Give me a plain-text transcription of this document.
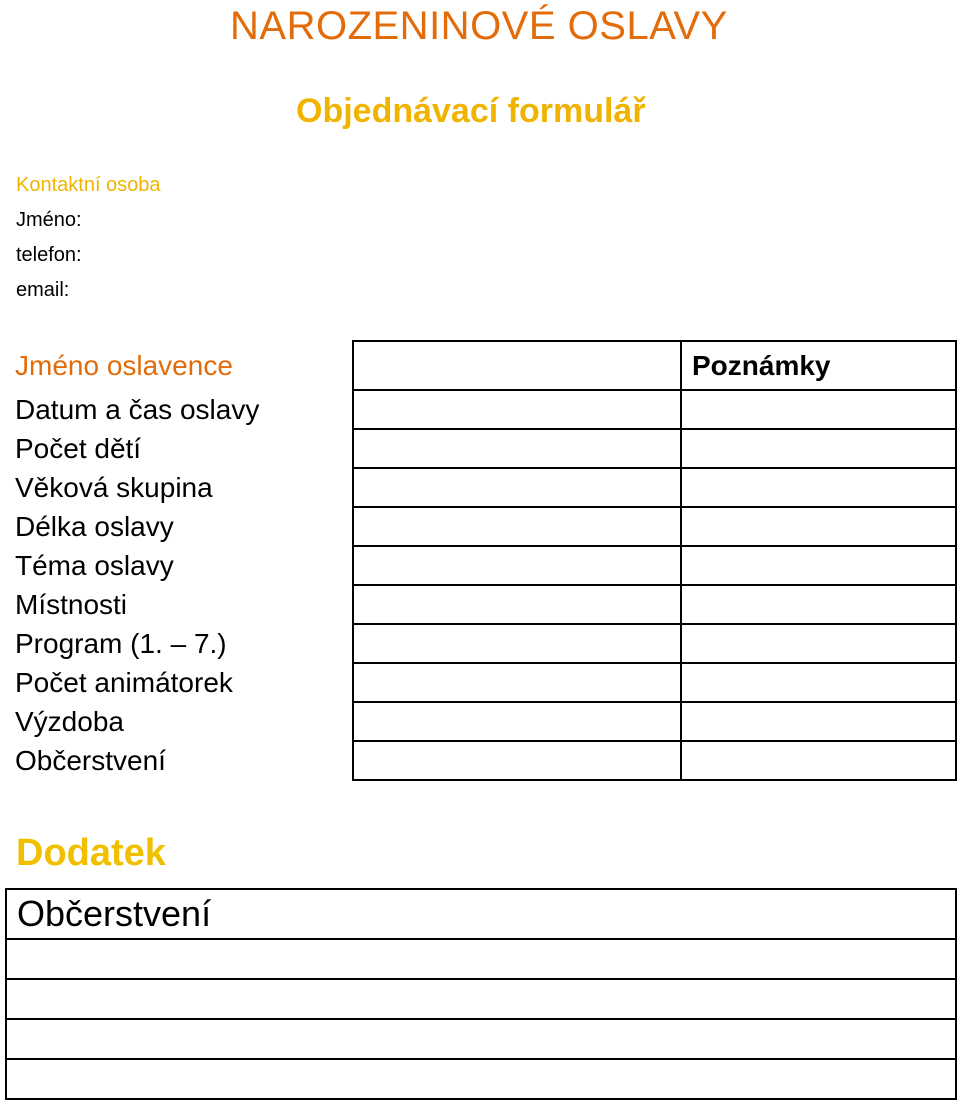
NAROZENINOVÉ OSLAVY
Objednávací formulář
Kontaktní osoba
Jméno:
telefon:
email:
Jméno oslavence		Poznámky
Datum a čas oslavy		
Počet dětí		
Věková skupina		
Délka oslavy		
Téma oslavy		
Místnosti		
Program (1. – 7.)		
Počet animátorek		
Výzdoba		
Občerstvení		
Dodatek
Občerstvení
